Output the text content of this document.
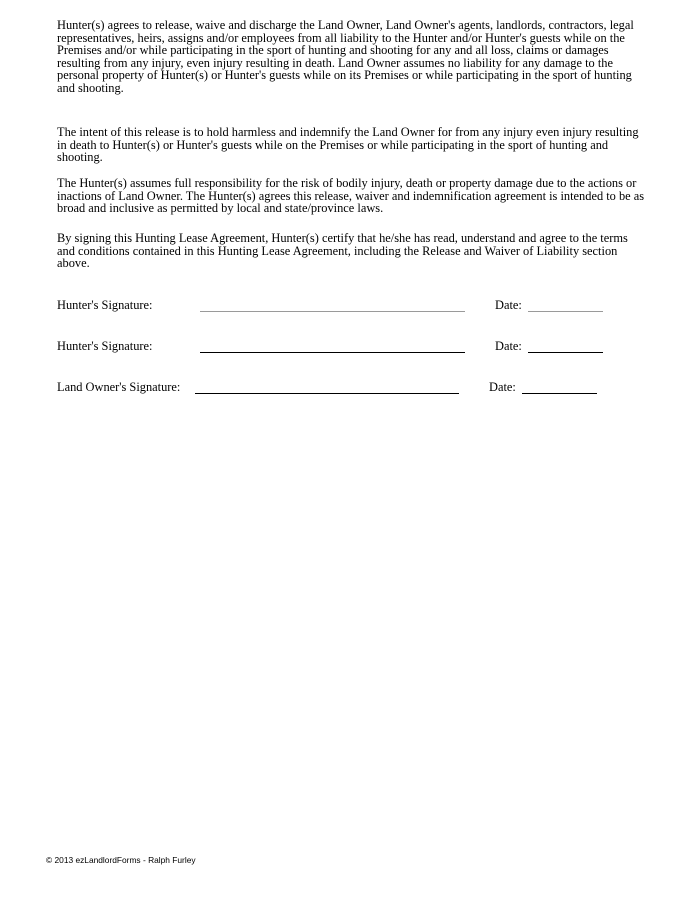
Hunter(s) agrees to release, waive and discharge the Land Owner, Land Owner's agents, landlords, contractors, legal representatives, heirs, assigns and/or employees from all liability to the Hunter and/or Hunter's guests while on the Premises and/or while participating in the sport of hunting and shooting for any and all loss, claims or damages resulting from any injury, even injury resulting in death. Land Owner assumes no liability for any damage to the personal property of Hunter(s) or Hunter's guests while on its Premises or while participating in the sport of hunting and shooting.

The intent of this release is to hold harmless and indemnify the Land Owner for from any injury even injury resulting in death to Hunter(s) or Hunter's guests while on the Premises or while participating in the sport of hunting and shooting.

The Hunter(s) assumes full responsibility for the risk of bodily injury, death or property damage due to the actions or inactions of Land Owner. The Hunter(s) agrees this release, waiver and indemnification agreement is intended to be as broad and inclusive as permitted by local and state/province laws.

By signing this Hunting Lease Agreement, Hunter(s) certify that he/she has read, understand and agree to the terms and conditions contained in this Hunting Lease Agreement, including the Release and Waiver of Liability section above.

Hunter's Signature:	Date:
Hunter's Signature:	Date:
Land Owner's Signature:	Date:
© 2013 ezLandlordForms - Ralph Furley
